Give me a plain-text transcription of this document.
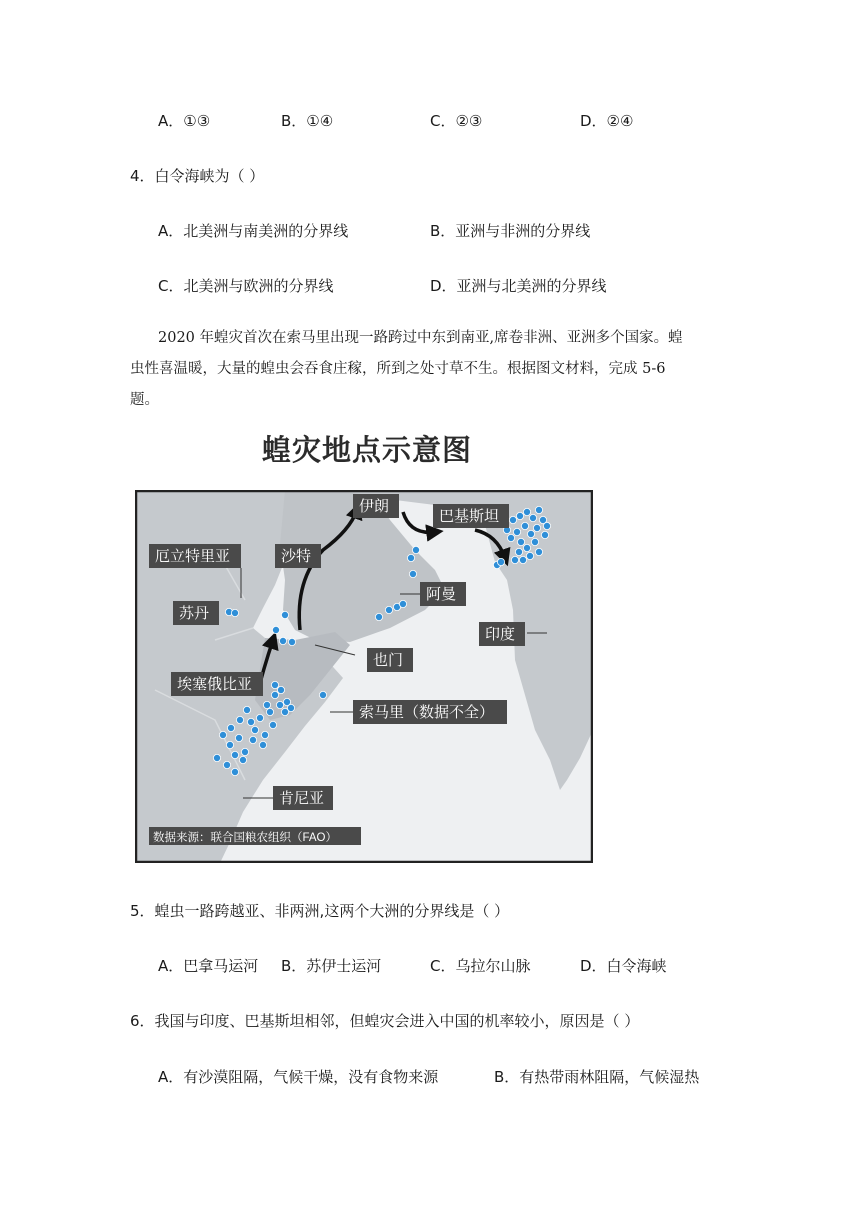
A．①③	B．①④	C．②③	D．②④
4．白令海峡为（ ）
A．北美洲与南美洲的分界线	B．亚洲与非洲的分界线
C．北美洲与欧洲的分界线	D．亚洲与北美洲的分界线
2020 年蝗灾首次在索马里出现一路跨过中东到南亚,席卷非洲、亚洲多个国家。蝗
虫性喜温暖，大量的蝗虫会吞食庄稼，所到之处寸草不生。根据图文材料，完成 5-6
题。
蝗灾地点示意图
厄立特里亚	沙特
伊朗
巴基斯坦
苏丹
阿曼
也门
印度
埃塞俄比亚
索马里（数据不全）
肯尼亚
数据来源：联合国粮农组织（FAO）
5．蝗虫一路跨越亚、非两洲,这两个大洲的分界线是（ ）
A．巴拿马运河 B．苏伊士运河	C．乌拉尔山脉	D．白令海峡
6．我国与印度、巴基斯坦相邻，但蝗灾会进入中国的机率较小，原因是（ ）
A．有沙漠阻隔，气候干燥，没有食物来源	B．有热带雨林阻隔，气候湿热
